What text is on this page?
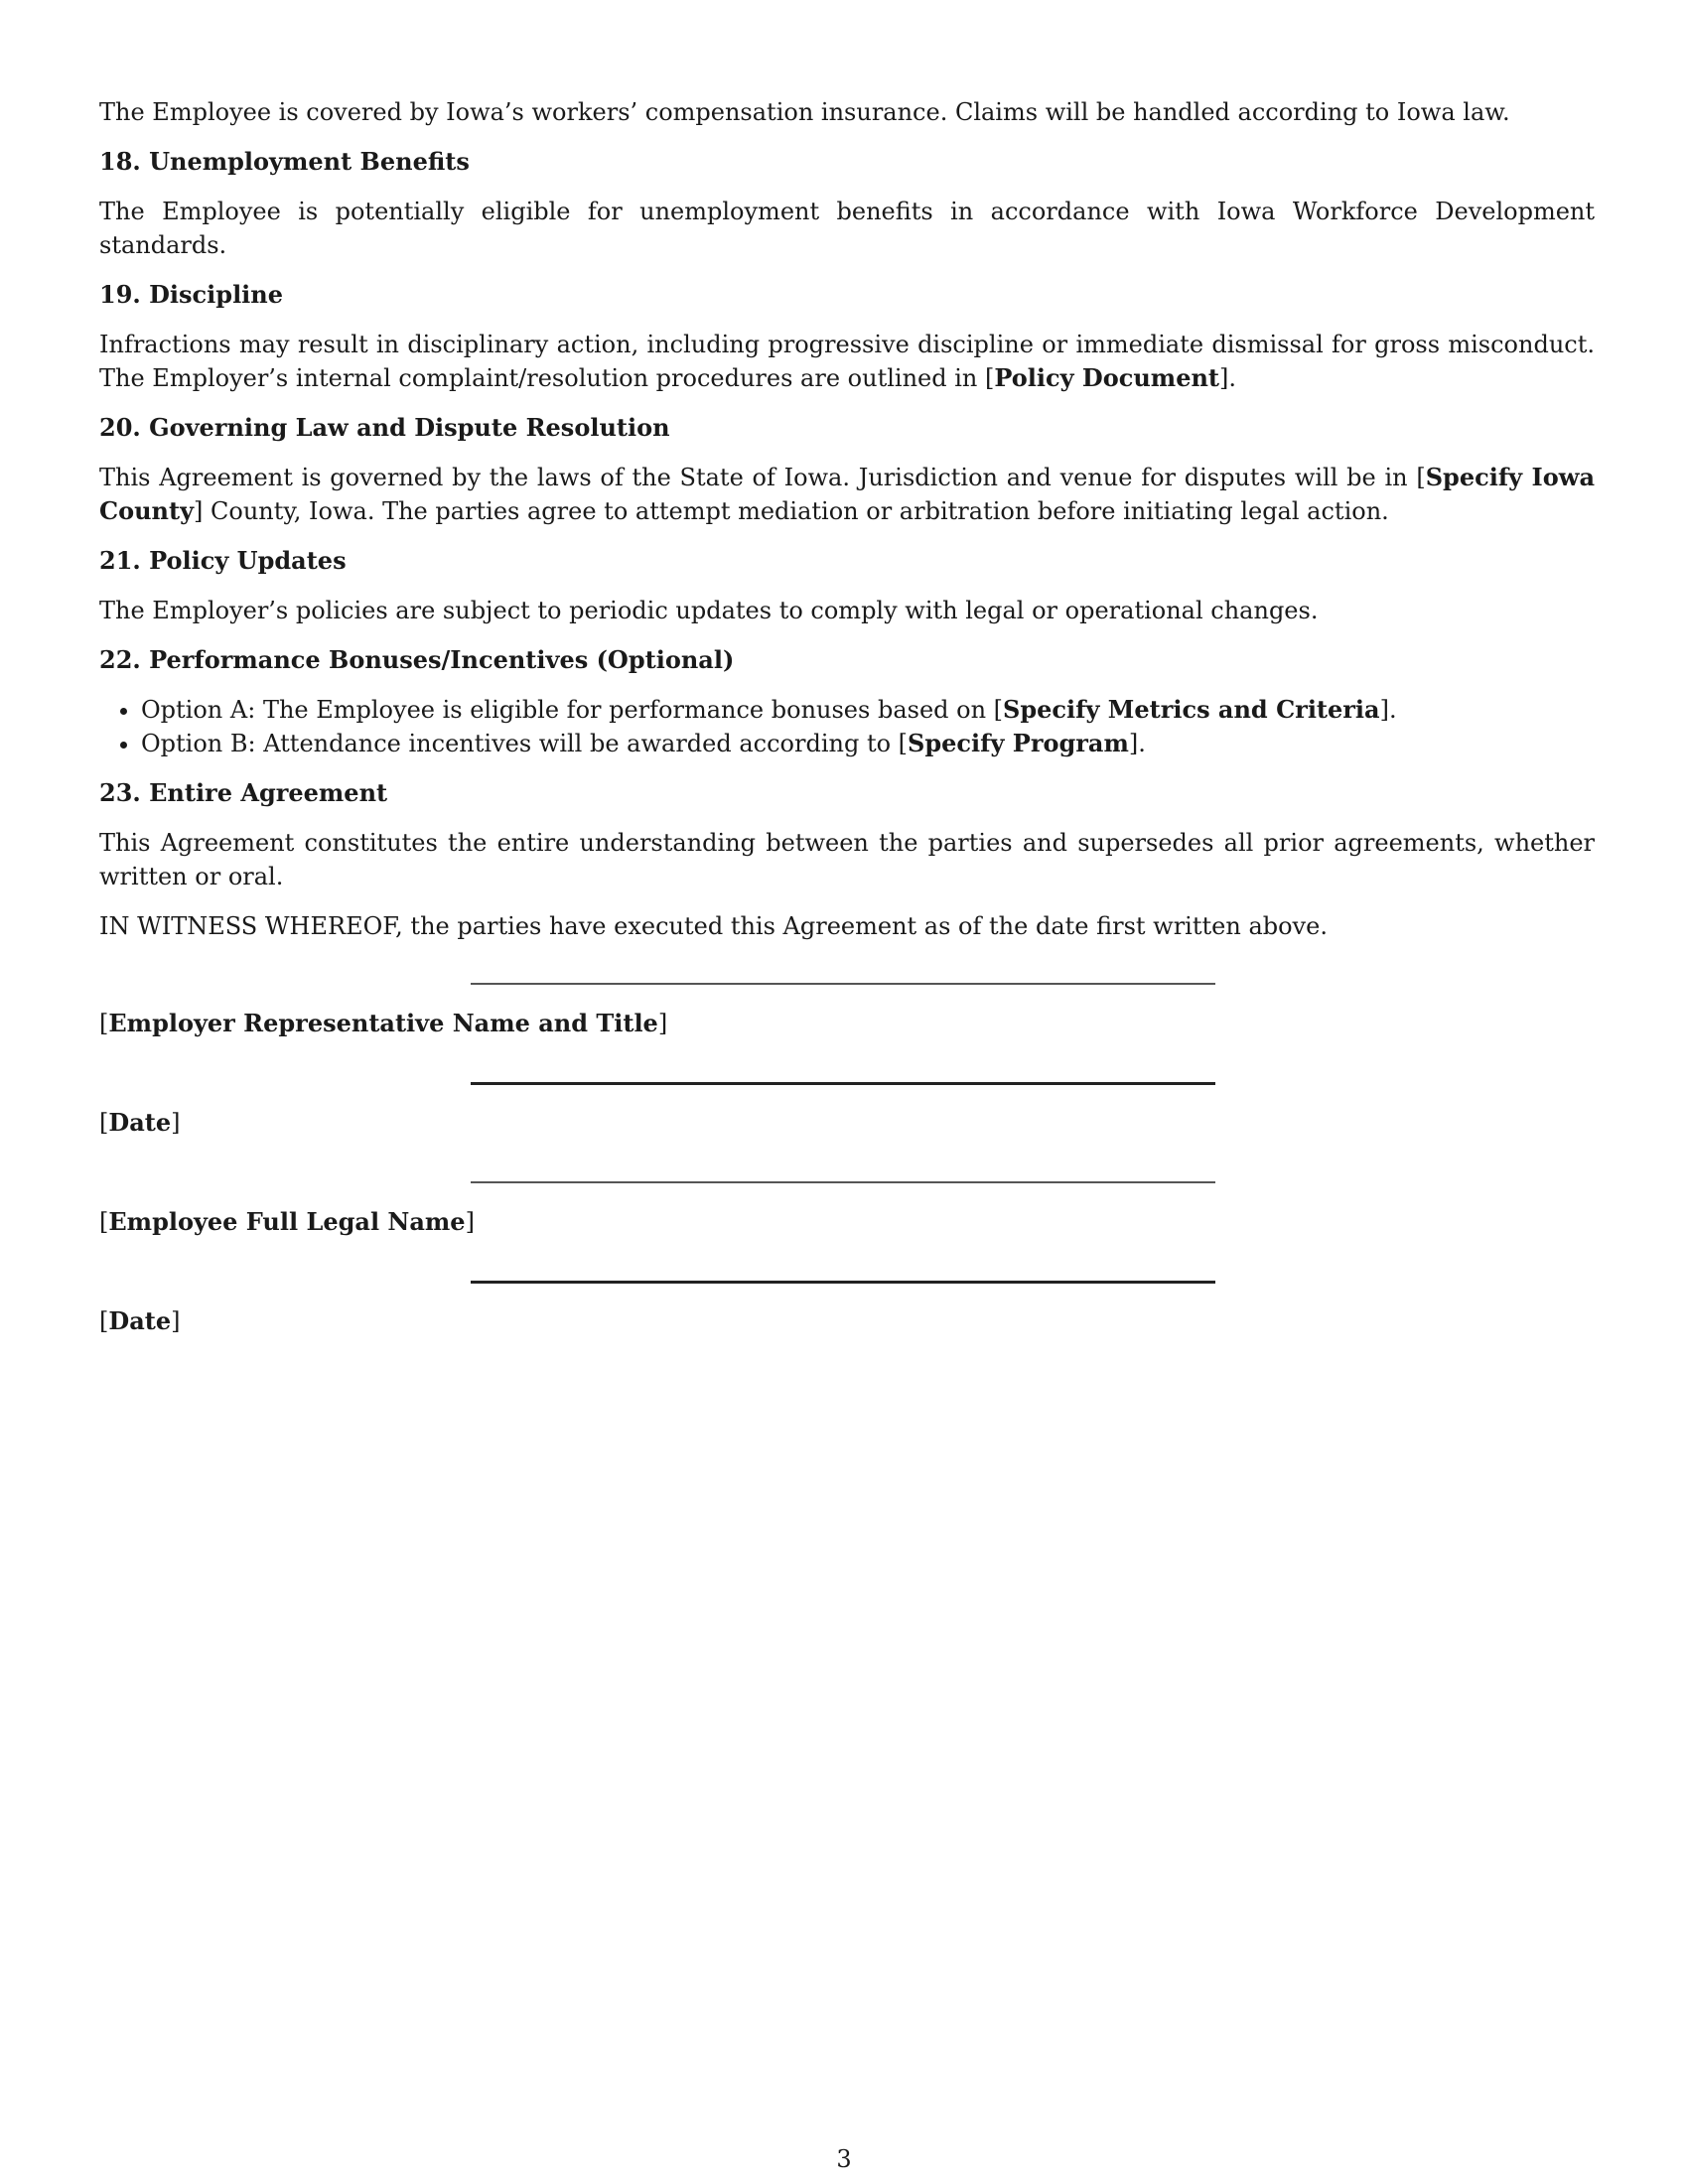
The Employee is covered by Iowa’s workers’ compensation insurance. Claims will be handled according to Iowa law.

18. Unemployment Benefits

The Employee is potentially eligible for unemployment benefits in accordance with Iowa Workforce Development standards.

19. Discipline

Infractions may result in disciplinary action, including progressive discipline or immediate dismissal for gross misconduct. The Employer’s internal complaint/resolution procedures are outlined in [Policy Document].

20. Governing Law and Dispute Resolution

This Agreement is governed by the laws of the State of Iowa. Jurisdiction and venue for disputes will be in [Specify Iowa County] County, Iowa. The parties agree to attempt mediation or arbitration before initiating legal action.

21. Policy Updates

The Employer’s policies are subject to periodic updates to comply with legal or operational changes.

22. Performance Bonuses/Incentives (Optional)
• Option A: The Employee is eligible for performance bonuses based on [Specify Metrics and Criteria].
• Option B: Attendance incentives will be awarded according to [Specify Program].
23. Entire Agreement

This Agreement constitutes the entire understanding between the parties and supersedes all prior agreements, whether written or oral.

IN WITNESS WHEREOF, the parties have executed this Agreement as of the date first written above.

[Employer Representative Name and Title]
[Date]
[Employee Full Legal Name]
[Date]
3
